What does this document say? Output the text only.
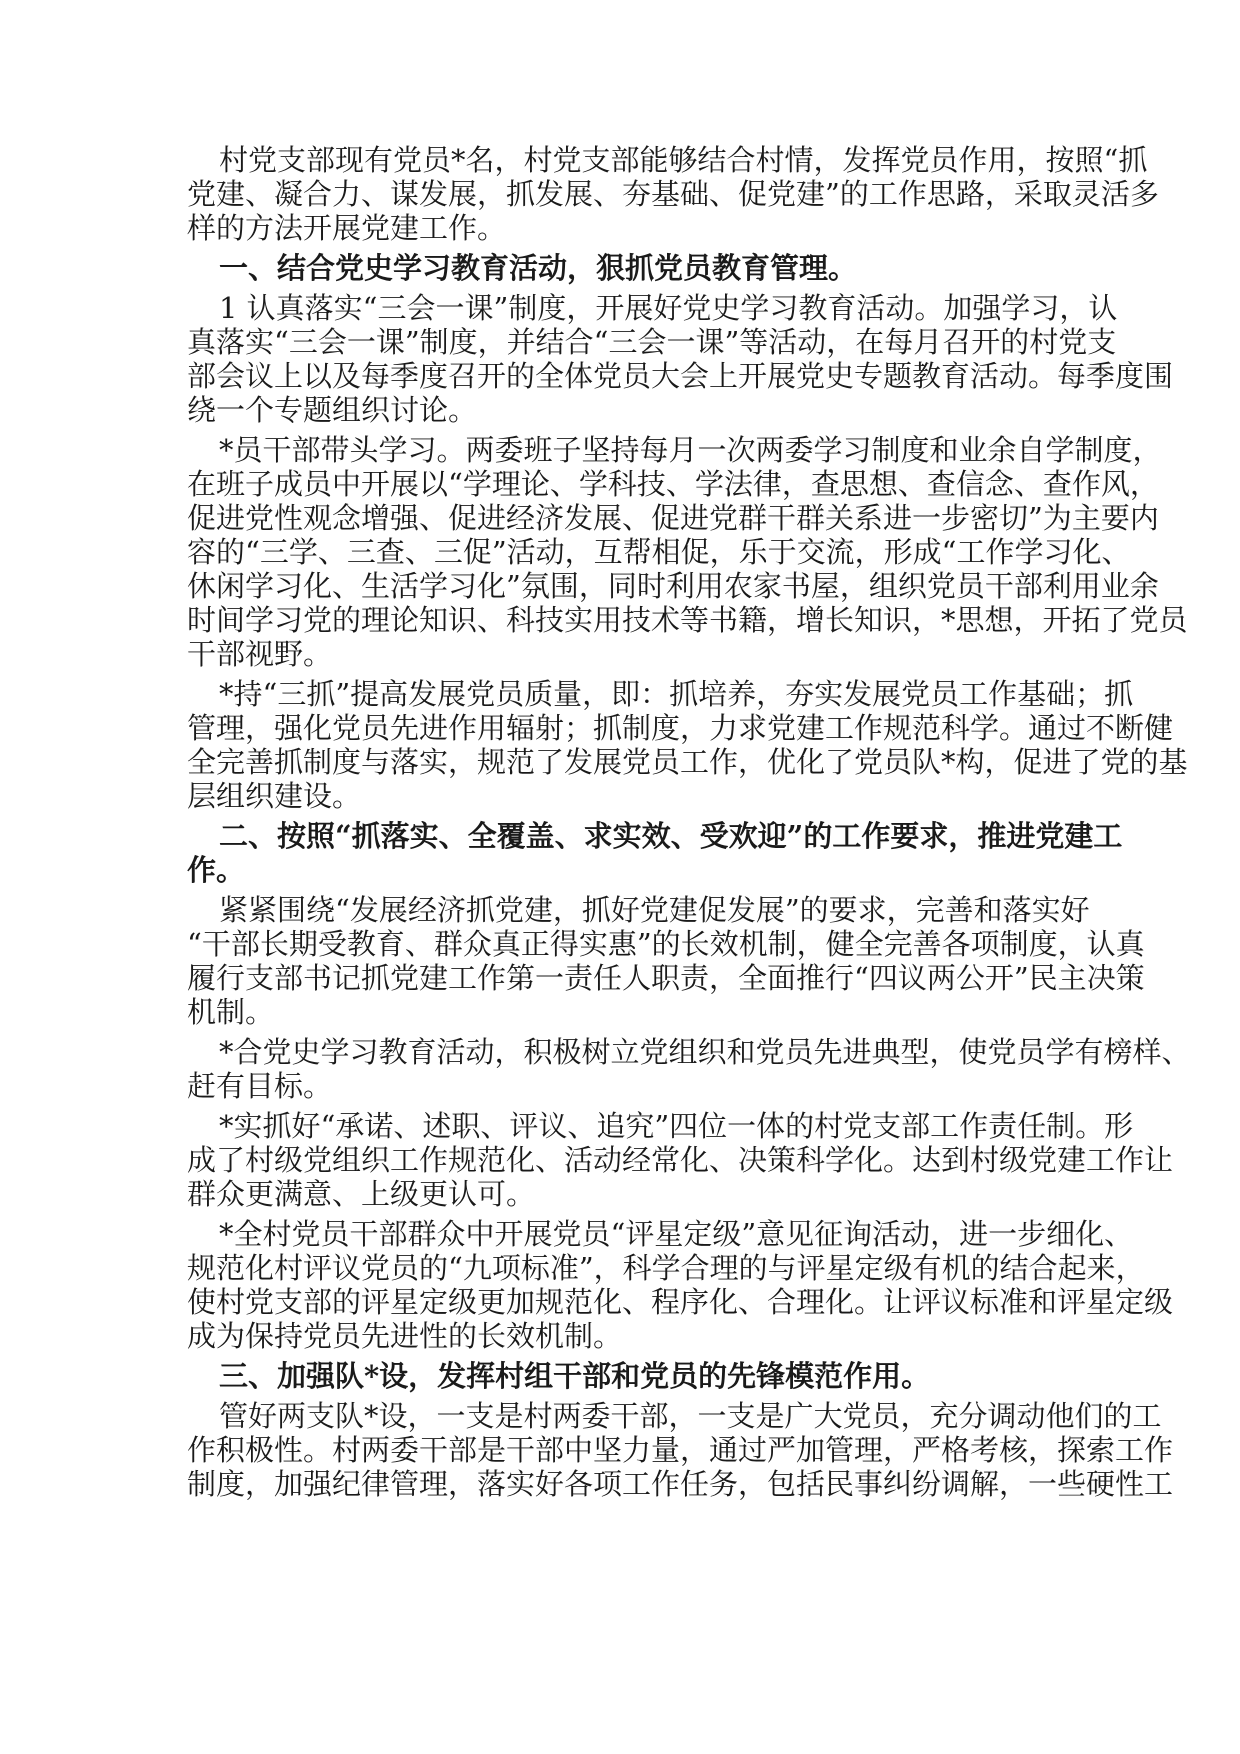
村党支部现有党员*名，村党支部能够结合村情，发挥党员作用，按照“抓
党建、凝合力、谋发展，抓发展、夯基础、促党建”的工作思路，采取灵活多
样的方法开展党建工作。
一、结合党史学习教育活动，狠抓党员教育管理。
1 认真落实“三会一课”制度，开展好党史学习教育活动。加强学习，认
真落实“三会一课”制度，并结合“三会一课”等活动，在每月召开的村党支
部会议上以及每季度召开的全体党员大会上开展党史专题教育活动。每季度围
绕一个专题组织讨论。
*员干部带头学习。两委班子坚持每月一次两委学习制度和业余自学制度，
在班子成员中开展以“学理论、学科技、学法律，查思想、查信念、查作风，
促进党性观念增强、促进经济发展、促进党群干群关系进一步密切”为主要内
容的“三学、三查、三促”活动，互帮相促，乐于交流，形成“工作学习化、
休闲学习化、生活学习化”氛围，同时利用农家书屋，组织党员干部利用业余
时间学习党的理论知识、科技实用技术等书籍，增长知识，*思想，开拓了党员
干部视野。
*持“三抓”提高发展党员质量，即：抓培养，夯实发展党员工作基础；抓
管理，强化党员先进作用辐射；抓制度，力求党建工作规范科学。通过不断健
全完善抓制度与落实，规范了发展党员工作，优化了党员队*构，促进了党的基
层组织建设。
二、按照“抓落实、全覆盖、求实效、受欢迎”的工作要求，推进党建工
作。
紧紧围绕“发展经济抓党建，抓好党建促发展”的要求，完善和落实好
“干部长期受教育、群众真正得实惠”的长效机制，健全完善各项制度，认真
履行支部书记抓党建工作第一责任人职责，全面推行“四议两公开”民主决策
机制。
*合党史学习教育活动，积极树立党组织和党员先进典型，使党员学有榜样、
赶有目标。
*实抓好“承诺、述职、评议、追究”四位一体的村党支部工作责任制。形
成了村级党组织工作规范化、活动经常化、决策科学化。达到村级党建工作让
群众更满意、上级更认可。
*全村党员干部群众中开展党员“评星定级”意见征询活动，进一步细化、
规范化村评议党员的“九项标准”，科学合理的与评星定级有机的结合起来，
使村党支部的评星定级更加规范化、程序化、合理化。让评议标准和评星定级
成为保持党员先进性的长效机制。
三、加强队*设，发挥村组干部和党员的先锋模范作用。
管好两支队*设，一支是村两委干部，一支是广大党员，充分调动他们的工
作积极性。村两委干部是干部中坚力量，通过严加管理，严格考核，探索工作
制度，加强纪律管理，落实好各项工作任务，包括民事纠纷调解，一些硬性工
